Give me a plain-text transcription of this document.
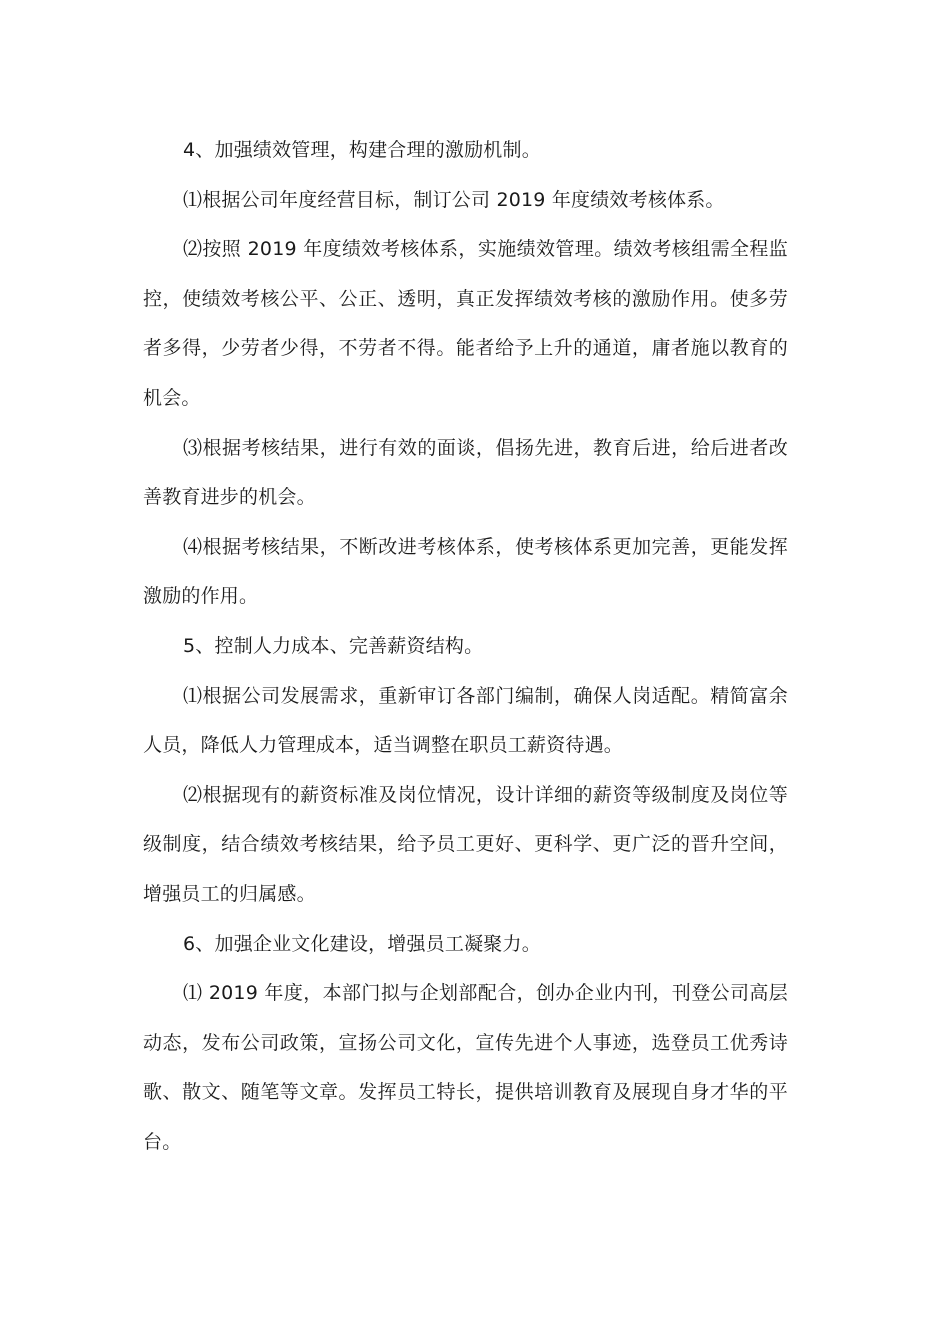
4、加强绩效管理，构建合理的激励机制。

⑴根据公司年度经营目标，制订公司 2019 年度绩效考核体系。

⑵按照 2019 年度绩效考核体系，实施绩效管理。绩效考核组需全程监控，使绩效考核公平、公正、透明，真正发挥绩效考核的激励作用。使多劳者多得，少劳者少得，不劳者不得。能者给予上升的通道，庸者施以教育的机会。

⑶根据考核结果，进行有效的面谈，倡扬先进，教育后进，给后进者改善教育进步的机会。

⑷根据考核结果，不断改进考核体系，使考核体系更加完善，更能发挥激励的作用。

5、控制人力成本、完善薪资结构。

⑴根据公司发展需求，重新审订各部门编制，确保人岗适配。精简富余人员，降低人力管理成本，适当调整在职员工薪资待遇。

⑵根据现有的薪资标准及岗位情况，设计详细的薪资等级制度及岗位等级制度，结合绩效考核结果，给予员工更好、更科学、更广泛的晋升空间，增强员工的归属感。

6、加强企业文化建设，增强员工凝聚力。

⑴ 2019 年度，本部门拟与企划部配合，创办企业内刊，刊登公司高层动态，发布公司政策，宣扬公司文化，宣传先进个人事迹，选登员工优秀诗歌、散文、随笔等文章。发挥员工特长，提供培训教育及展现自身才华的平台。
